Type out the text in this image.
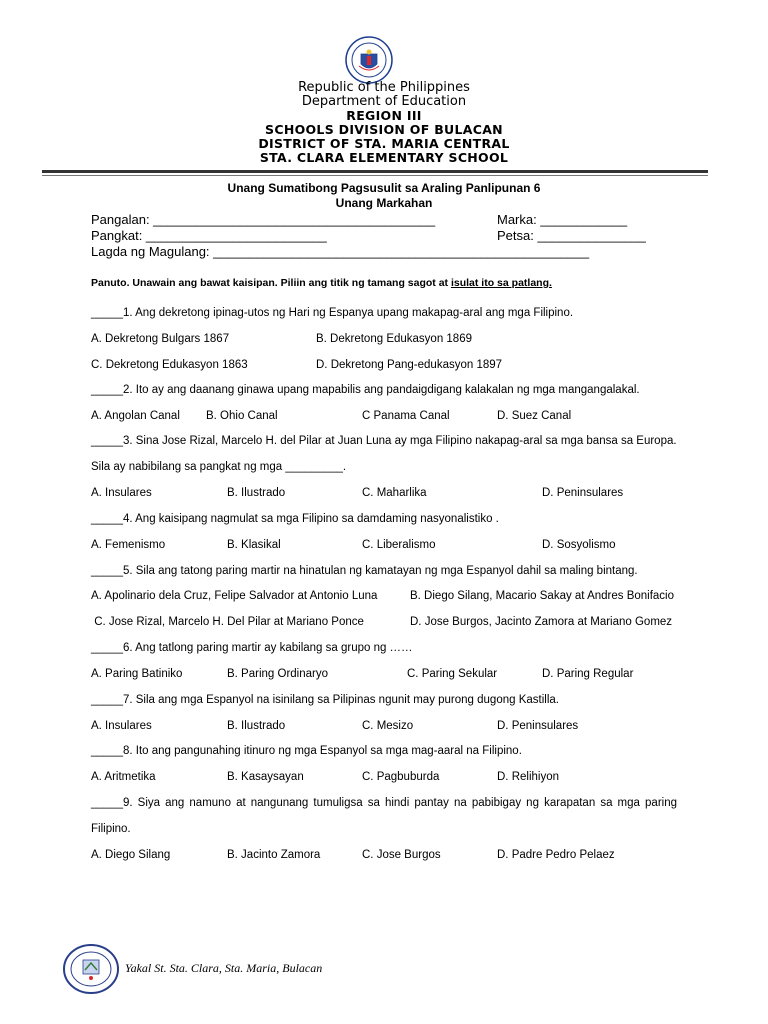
Republic of the Philippines
Department of Education
REGION III
SCHOOLS DIVISION OF BULACAN
DISTRICT OF STA. MARIA CENTRAL
STA. CLARA ELEMENTARY SCHOOL
Unang Sumatibong Pagsusulit sa Araling Panlipunan 6
Unang Markahan
Pangalan: _______________________________________	Marka: ____________
Pangkat: _________________________	Petsa: _______________
Lagda ng Magulang: ____________________________________________________
Panuto. Unawain ang bawat kaisipan. Piliin ang titik ng tamang sagot at isulat ito sa patlang.
_____1. Ang dekretong ipinag-utos ng Hari ng Espanya upang makapag-aral ang mga Filipino.
A. Dekretong Bulgars 1867	B. Dekretong Edukasyon 1869
C. Dekretong Edukasyon 1863	D. Dekretong Pang-edukasyon 1897
_____2. Ito ay ang daanang ginawa upang mapabilis ang pandaigdigang kalakalan ng mga mangangalakal.
A. Angolan Canal B. Ohio Canal	C Panama Canal	D. Suez Canal
_____3. Sina Jose Rizal, Marcelo H. del Pilar at Juan Luna ay mga Filipino nakapag-aral sa mga bansa sa Europa.
Sila ay nabibilang sa pangkat ng mga _________.
A. Insulares	B. Ilustrado	C. Maharlika	D. Peninsulares
_____4. Ang kaisipang nagmulat sa mga Filipino sa damdaming nasyonalistiko .
A. Femenismo	B. Klasikal	C. Liberalismo	D. Sosyolismo
_____5. Sila ang tatong paring martir na hinatulan ng kamatayan ng mga Espanyol dahil sa maling bintang.
A. Apolinario dela Cruz, Felipe Salvador at Antonio Luna	B. Diego Silang, Macario Sakay at Andres Bonifacio
C. Jose Rizal, Marcelo H. Del Pilar at Mariano Ponce	D. Jose Burgos, Jacinto Zamora at Mariano Gomez
_____6. Ang tatlong paring martir ay kabilang sa grupo ng ……
A. Paring Batiniko	B. Paring Ordinaryo	C. Paring Sekular	D. Paring Regular
_____7. Sila ang mga Espanyol na isinilang sa Pilipinas ngunit may purong dugong Kastilla.
A. Insulares	B. Ilustrado	C. Mesizo	D. Peninsulares
_____8. Ito ang pangunahing itinuro ng mga Espanyol sa mga mag-aaral na Filipino.
A. Aritmetika	B. Kasaysayan	C. Pagbuburda	D. Relihiyon
_____9. Siya ang namuno at nangunang tumuligsa sa hindi pantay na pabibigay ng karapatan sa mga paring
Filipino.
A. Diego Silang	B. Jacinto Zamora	C. Jose Burgos	D. Padre Pedro Pelaez
Yakal St. Sta. Clara, Sta. Maria, Bulacan
